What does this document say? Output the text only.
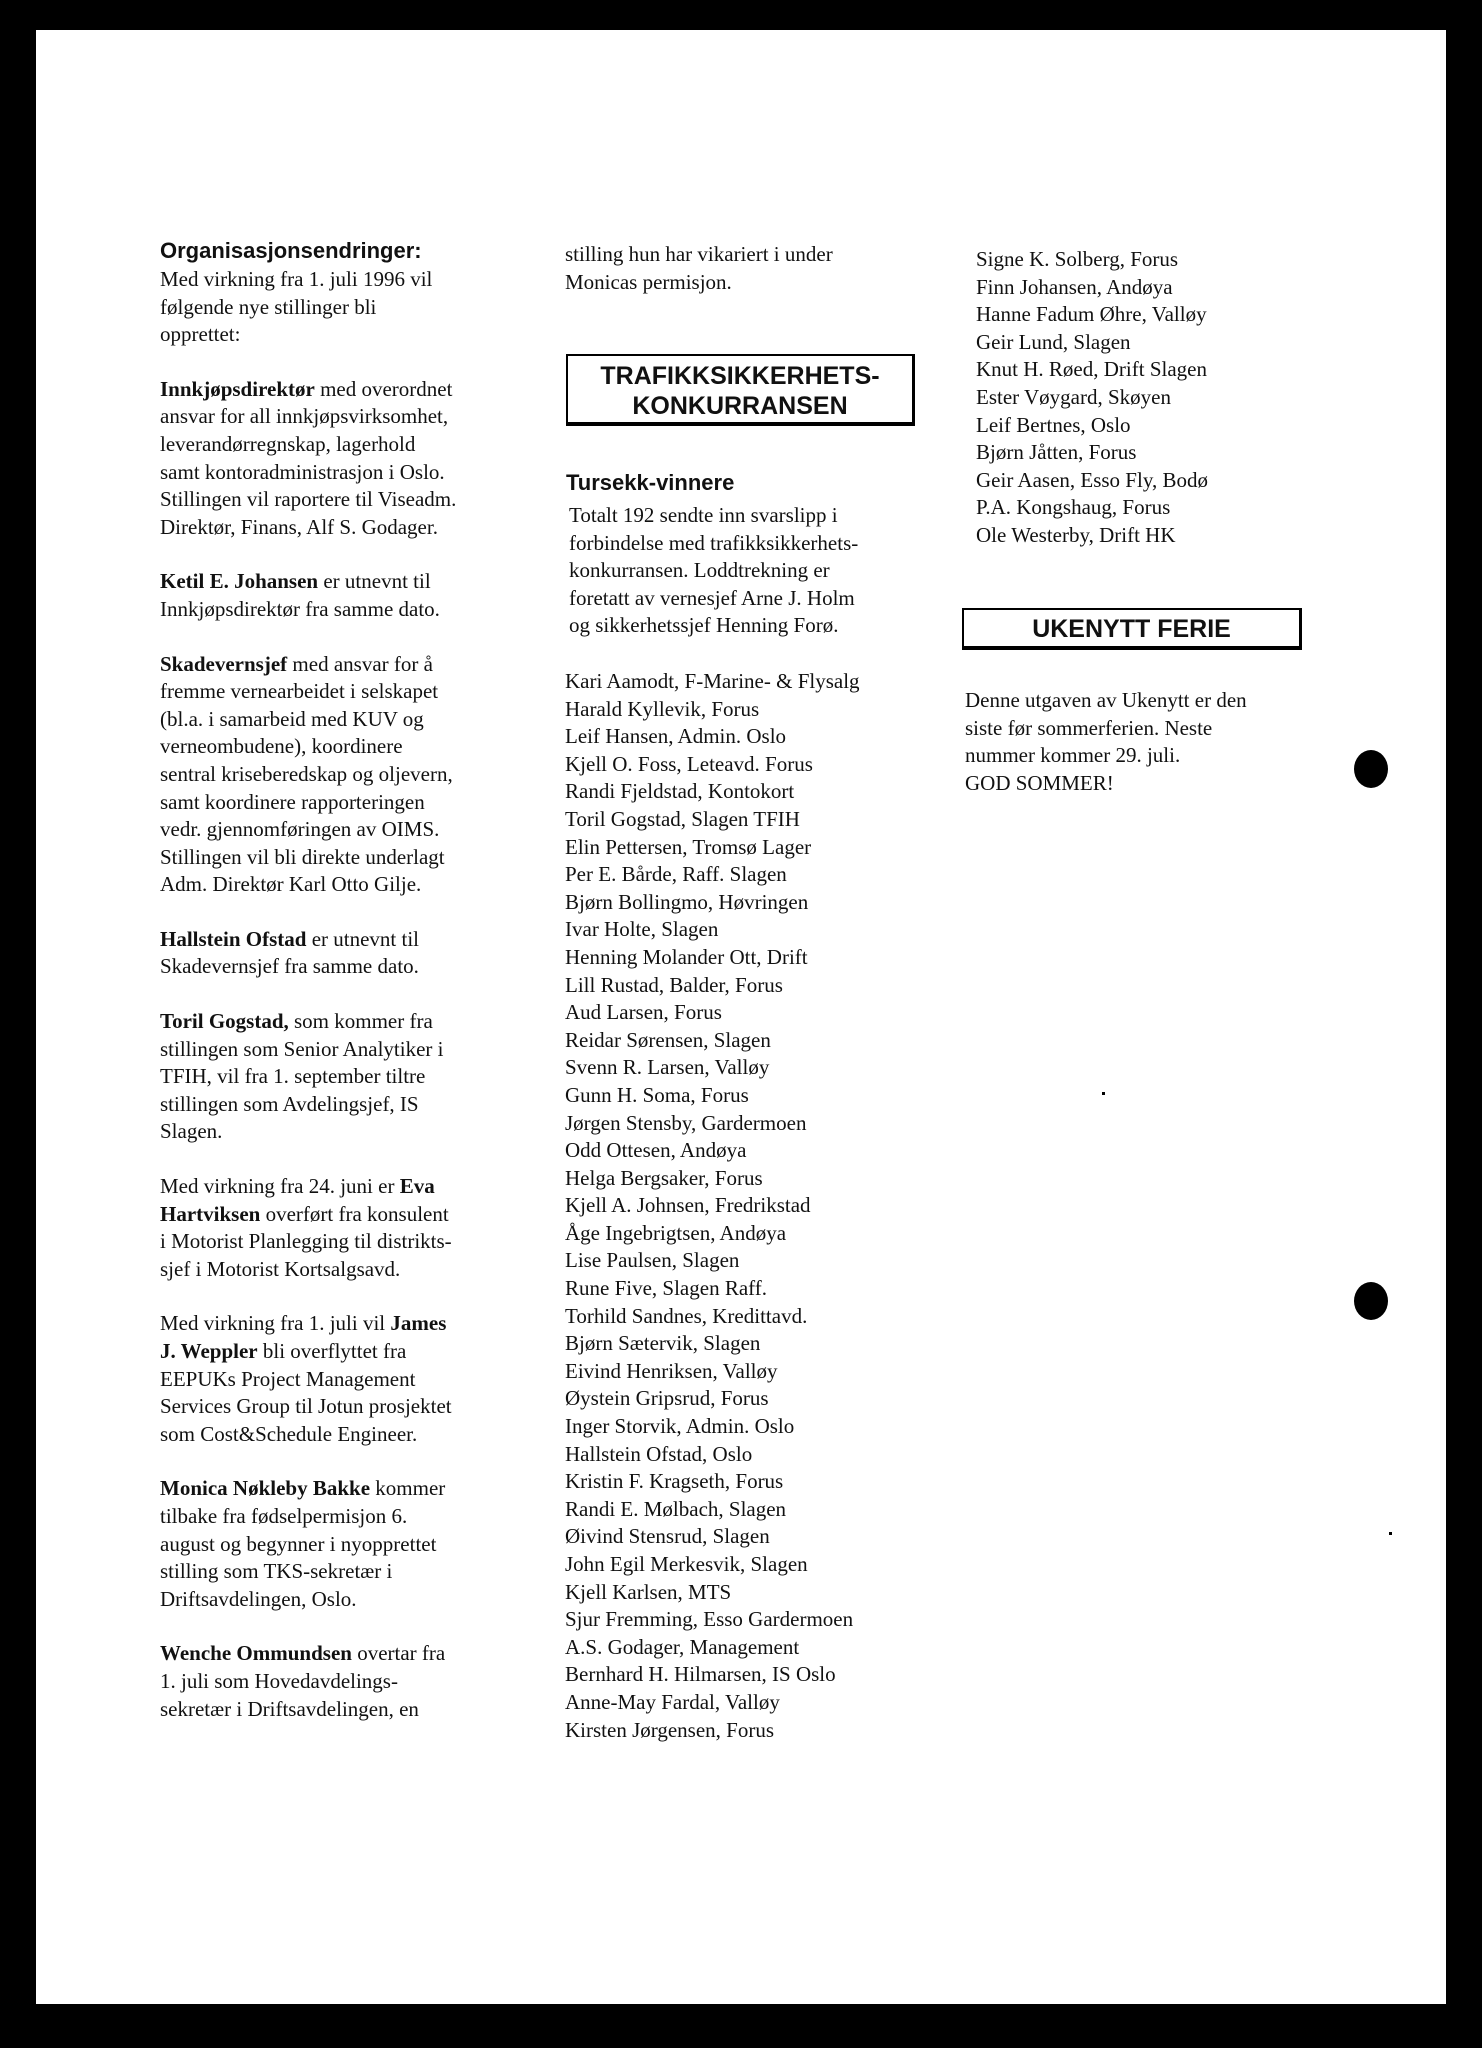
Organisasjonsendringer:

Med virkning fra 1. juli 1996 vil
følgende nye stillinger bli
opprettet:

Innkjøpsdirektør med overordnet
ansvar for all innkjøpsvirksomhet,
leverandørregnskap, lagerhold
samt kontoradministrasjon i Oslo.
Stillingen vil raportere til Viseadm.
Direktør, Finans, Alf S. Godager.

Ketil E. Johansen er utnevnt til
Innkjøpsdirektør fra samme dato.

Skadevernsjef med ansvar for å
fremme vernearbeidet i selskapet
(bl.a. i samarbeid med KUV og
verneombudene), koordinere
sentral kriseberedskap og oljevern,
samt koordinere rapporteringen
vedr. gjennomføringen av OIMS.
Stillingen vil bli direkte underlagt
Adm. Direktør Karl Otto Gilje.

Hallstein Ofstad er utnevnt til
Skadevernsjef fra samme dato.

Toril Gogstad, som kommer fra
stillingen som Senior Analytiker i
TFIH, vil fra 1. september tiltre
stillingen som Avdelingsjef, IS
Slagen.

Med virkning fra 24. juni er Eva
Hartviksen overført fra konsulent
i Motorist Planlegging til distrikts-
sjef i Motorist Kortsalgsavd.

Med virkning fra 1. juli vil James
J. Weppler bli overflyttet fra
EEPUKs Project Management
Services Group til Jotun prosjektet
som Cost&Schedule Engineer.

Monica Nøkleby Bakke kommer
tilbake fra fødselpermisjon 6.
august og begynner i nyopprettet
stilling som TKS-sekretær i
Driftsavdelingen, Oslo.

Wenche Ommundsen overtar fra
1. juli som Hovedavdelings-
sekretær i Driftsavdelingen, en

stilling hun har vikariert i under
Monicas permisjon.
TRAFIKKSIKKERHETS-
KONKURRANSEN
Tursekk-vinnere
Totalt 192 sendte inn svarslipp i
forbindelse med trafikksikkerhets-
konkurransen. Loddtrekning er
foretatt av vernesjef Arne J. Holm
og sikkerhetssjef Henning Forø.
Kari Aamodt, F-Marine- & Flysalg
Harald Kyllevik, Forus
Leif Hansen, Admin. Oslo
Kjell O. Foss, Leteavd. Forus
Randi Fjeldstad, Kontokort
Toril Gogstad, Slagen TFIH
Elin Pettersen, Tromsø Lager
Per E. Bårde, Raff. Slagen
Bjørn Bollingmo, Høvringen
Ivar Holte, Slagen
Henning Molander Ott, Drift
Lill Rustad, Balder, Forus
Aud Larsen, Forus
Reidar Sørensen, Slagen
Svenn R. Larsen, Valløy
Gunn H. Soma, Forus
Jørgen Stensby, Gardermoen
Odd Ottesen, Andøya
Helga Bergsaker, Forus
Kjell A. Johnsen, Fredrikstad
Åge Ingebrigtsen, Andøya
Lise Paulsen, Slagen
Rune Five, Slagen Raff.
Torhild Sandnes, Kredittavd.
Bjørn Sætervik, Slagen
Eivind Henriksen, Valløy
Øystein Gripsrud, Forus
Inger Storvik, Admin. Oslo
Hallstein Ofstad, Oslo
Kristin F. Kragseth, Forus
Randi E. Mølbach, Slagen
Øivind Stensrud, Slagen
John Egil Merkesvik, Slagen
Kjell Karlsen, MTS
Sjur Fremming, Esso Gardermoen
A.S. Godager, Management
Bernhard H. Hilmarsen, IS Oslo
Anne-May Fardal, Valløy
Kirsten Jørgensen, Forus
Signe K. Solberg, Forus
Finn Johansen, Andøya
Hanne Fadum Øhre, Valløy
Geir Lund, Slagen
Knut H. Røed, Drift Slagen
Ester Vøygard, Skøyen
Leif Bertnes, Oslo
Bjørn Jåtten, Forus
Geir Aasen, Esso Fly, Bodø
P.A. Kongshaug, Forus
Ole Westerby, Drift HK
UKENYTT FERIE
Denne utgaven av Ukenytt er den
siste før sommerferien. Neste
nummer kommer 29. juli.
GOD SOMMER!
